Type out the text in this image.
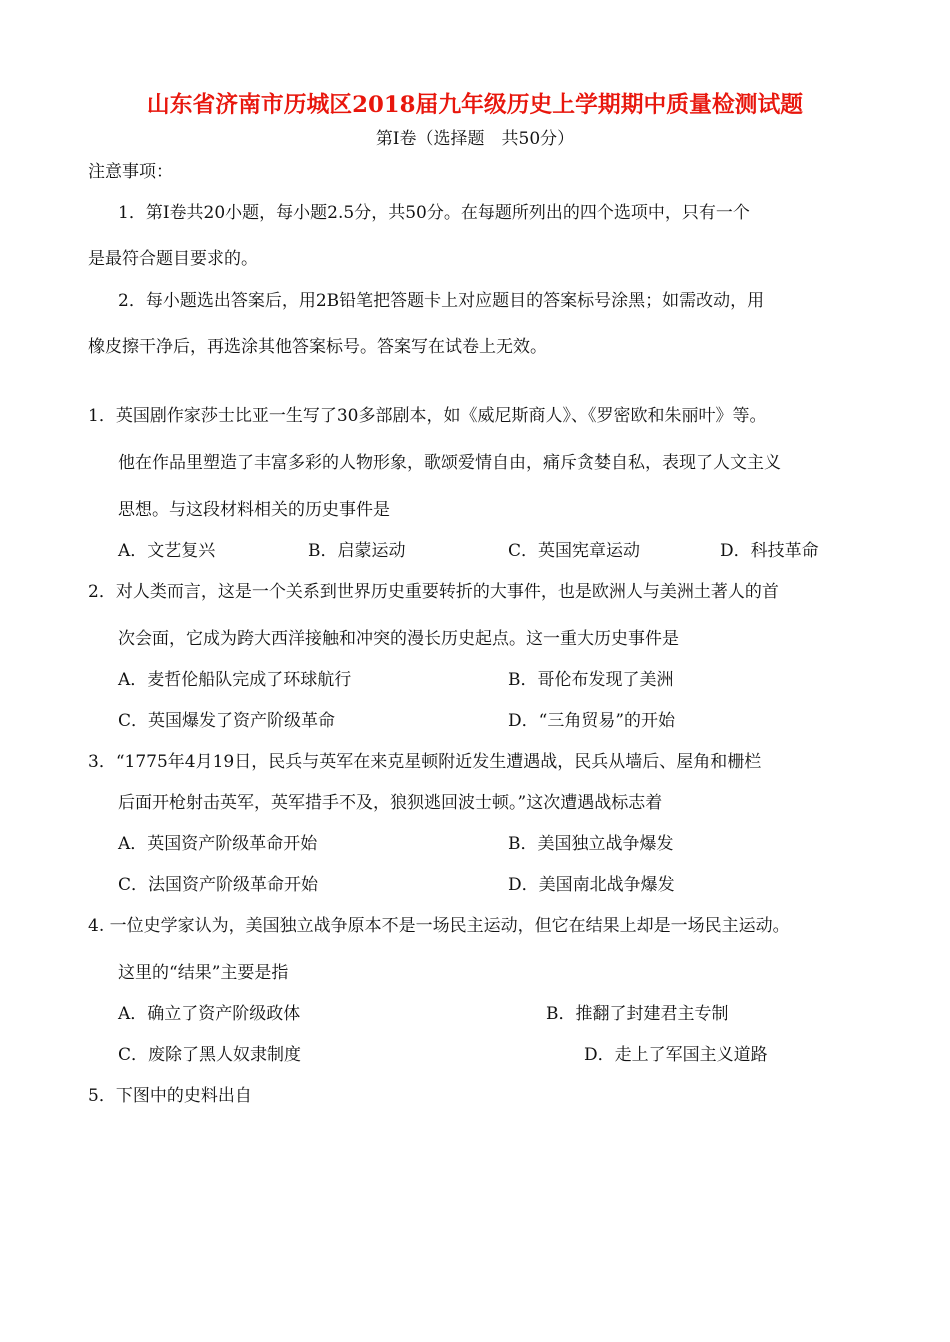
山东省济南市历城区2018届九年级历史上学期期中质量检测试题
第Ⅰ卷（选择题　共50分）
注意事项：
1．第Ⅰ卷共20小题，每小题2.5分，共50分。在每题所列出的四个选项中，只有一个
是最符合题目要求的。
2．每小题选出答案后，用2B铅笔把答题卡上对应题目的答案标号涂黑；如需改动，用
橡皮擦干净后，再选涂其他答案标号。答案写在试卷上无效。
1．英国剧作家莎士比亚一生写了30多部剧本，如《威尼斯商人》、《罗密欧和朱丽叶》等。
他在作品里塑造了丰富多彩的人物形象，歌颂爱情自由，痛斥贪婪自私，表现了人文主义
思想。与这段材料相关的历史事件是
A．文艺复兴	B．启蒙运动	C．英国宪章运动	D．科技革命
2．对人类而言，这是一个关系到世界历史重要转折的大事件，也是欧洲人与美洲土著人的首
次会面，它成为跨大西洋接触和冲突的漫长历史起点。这一重大历史事件是
A．麦哲伦船队完成了环球航行	B．哥伦布发现了美洲
C．英国爆发了资产阶级革命	D．“三角贸易”的开始
3．“1775年4月19日，民兵与英军在来克星顿附近发生遭遇战，民兵从墙后、屋角和栅栏
后面开枪射击英军，英军措手不及，狼狈逃回波士顿。”这次遭遇战标志着
A．英国资产阶级革命开始	B．美国独立战争爆发
C．法国资产阶级革命开始	D．美国南北战争爆发
4. 一位史学家认为，美国独立战争原本不是一场民主运动，但它在结果上却是一场民主运动。
这里的“结果”主要是指
A．确立了资产阶级政体	B．推翻了封建君主专制
C．废除了黑人奴隶制度	D．走上了军国主义道路
5．下图中的史料出自
